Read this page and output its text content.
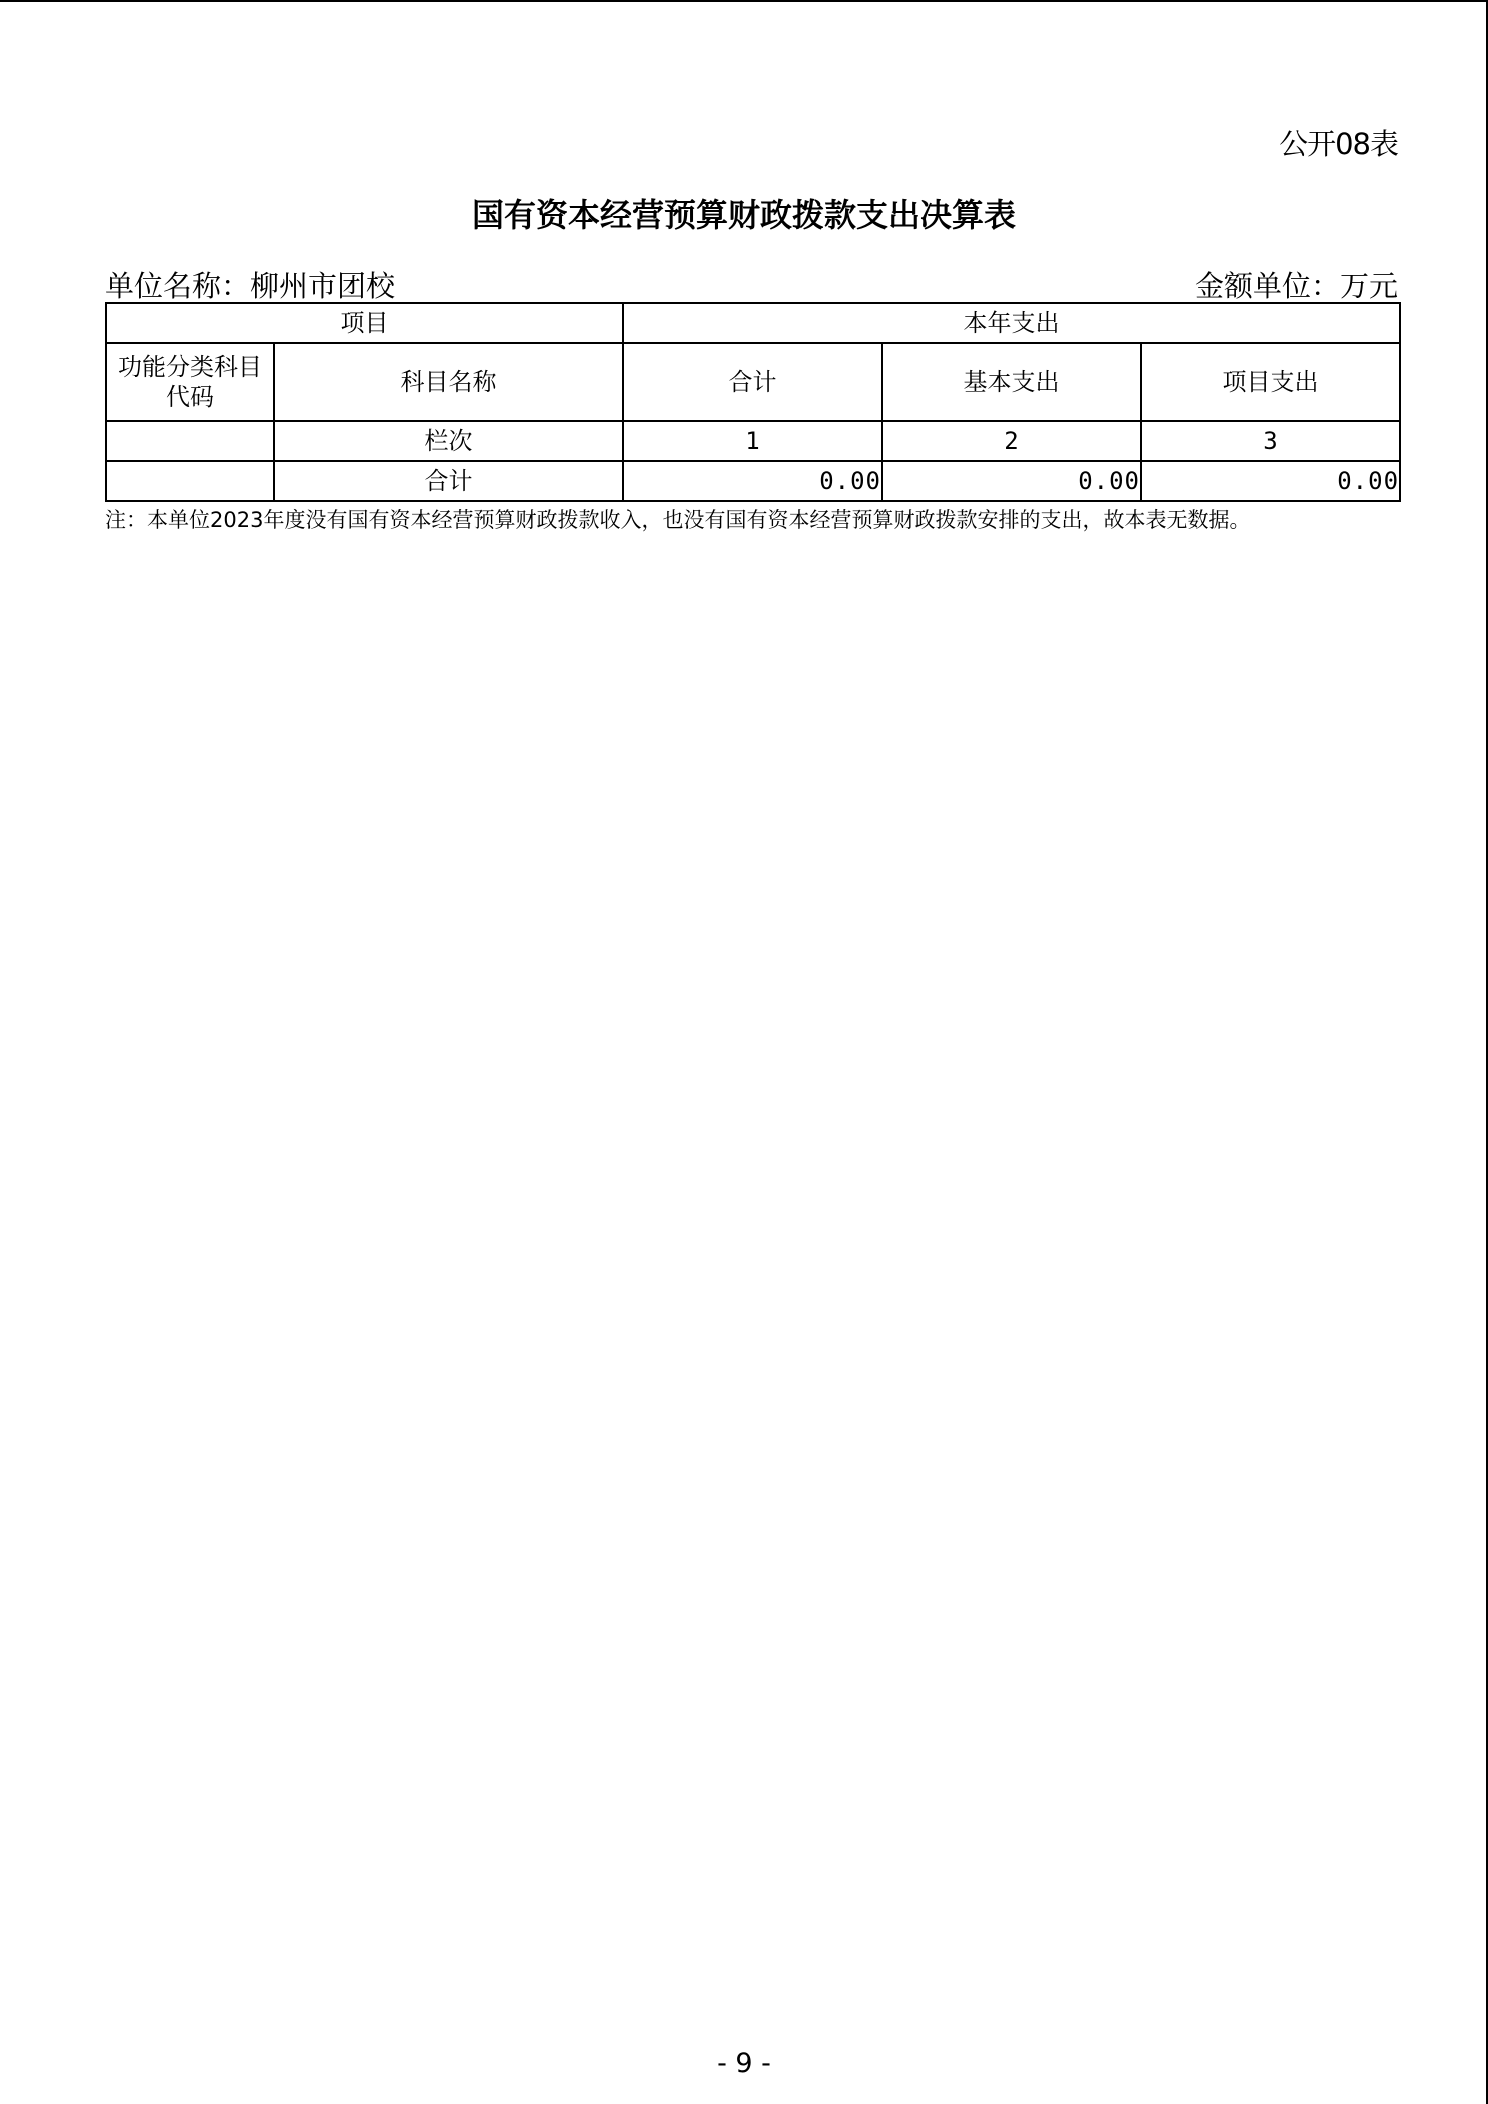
公开08表
国有资本经营预算财政拨款支出决算表
单位名称：柳州市团校	金额单位：万元
项目		本年支出		
功能分类科目代码	科目名称	合计	基本支出	项目支出
	栏次	1	2	3
	合计	0.00	0.00	0.00
注：本单位2023年度没有国有资本经营预算财政拨款收入，也没有国有资本经营预算财政拨款安排的支出，故本表无数据。
- 9 -
